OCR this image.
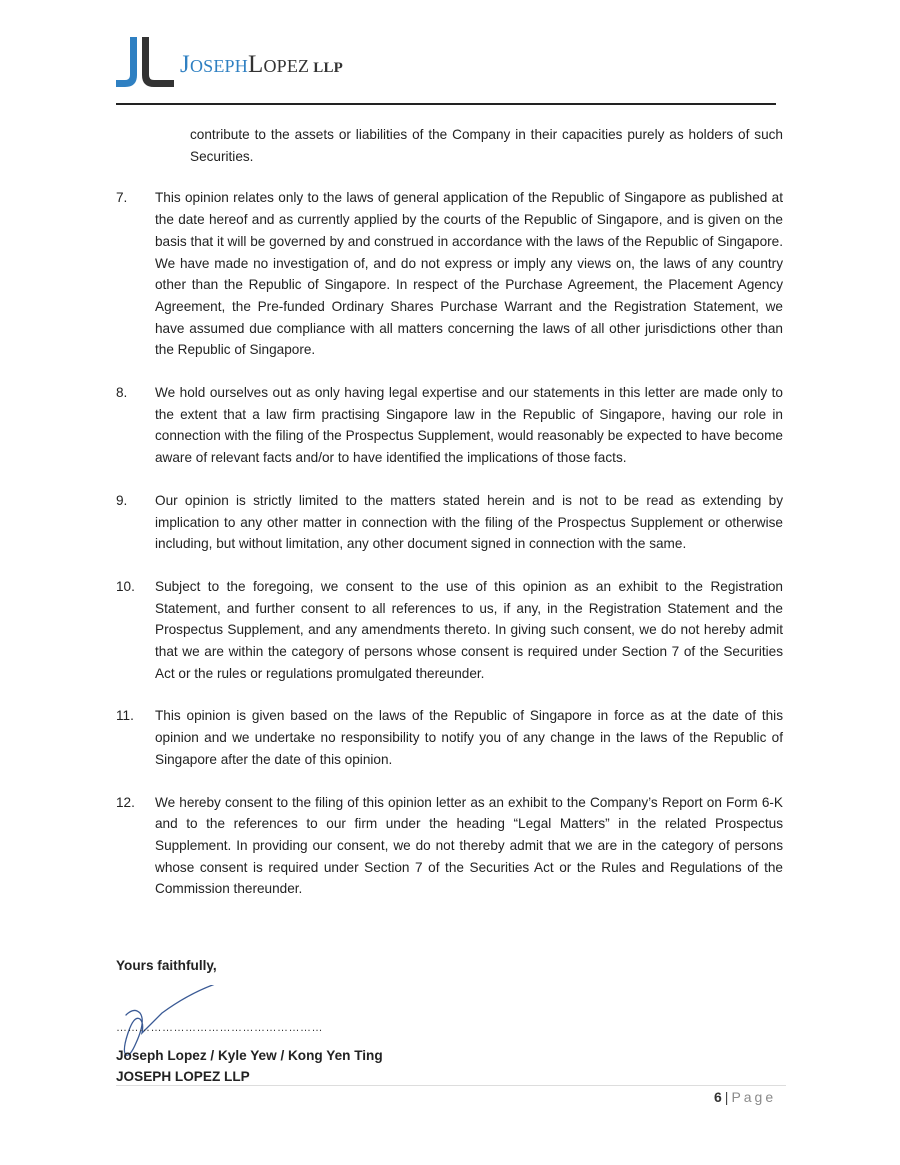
JOSEPHLOPEZ LLP
contribute to the assets or liabilities of the Company in their capacities purely as holders of such Securities.
7.	This opinion relates only to the laws of general application of the Republic of Singapore as published at the date hereof and as currently applied by the courts of the Republic of Singapore, and is given on the basis that it will be governed by and construed in accordance with the laws of the Republic of Singapore. We have made no investigation of, and do not express or imply any views on, the laws of any country other than the Republic of Singapore. In respect of the Purchase Agreement, the Placement Agency Agreement, the Pre-funded Ordinary Shares Purchase Warrant and the Registration Statement, we have assumed due compliance with all matters concerning the laws of all other jurisdictions other than the Republic of Singapore.
8.	We hold ourselves out as only having legal expertise and our statements in this letter are made only to the extent that a law firm practising Singapore law in the Republic of Singapore, having our role in connection with the filing of the Prospectus Supplement, would reasonably be expected to have become aware of relevant facts and/or to have identified the implications of those facts.
9.	Our opinion is strictly limited to the matters stated herein and is not to be read as extending by implication to any other matter in connection with the filing of the Prospectus Supplement or otherwise including, but without limitation, any other document signed in connection with the same.
10.	Subject to the foregoing, we consent to the use of this opinion as an exhibit to the Registration Statement, and further consent to all references to us, if any, in the Registration Statement and the Prospectus Supplement, and any amendments thereto. In giving such consent, we do not hereby admit that we are within the category of persons whose consent is required under Section 7 of the Securities Act or the rules or regulations promulgated thereunder.
11.	This opinion is given based on the laws of the Republic of Singapore in force as at the date of this opinion and we undertake no responsibility to notify you of any change in the laws of the Republic of Singapore after the date of this opinion.
12.	We hereby consent to the filing of this opinion letter as an exhibit to the Company’s Report on Form 6-K and to the references to our firm under the heading “Legal Matters” in the related Prospectus Supplement. In providing our consent, we do not thereby admit that we are in the category of persons whose consent is required under Section 7 of the Securities Act or the Rules and Regulations of the Commission thereunder.
Yours faithfully,
………………………………………………
Joseph Lopez / Kyle Yew / Kong Yen Ting
JOSEPH LOPEZ LLP
6 | Page
